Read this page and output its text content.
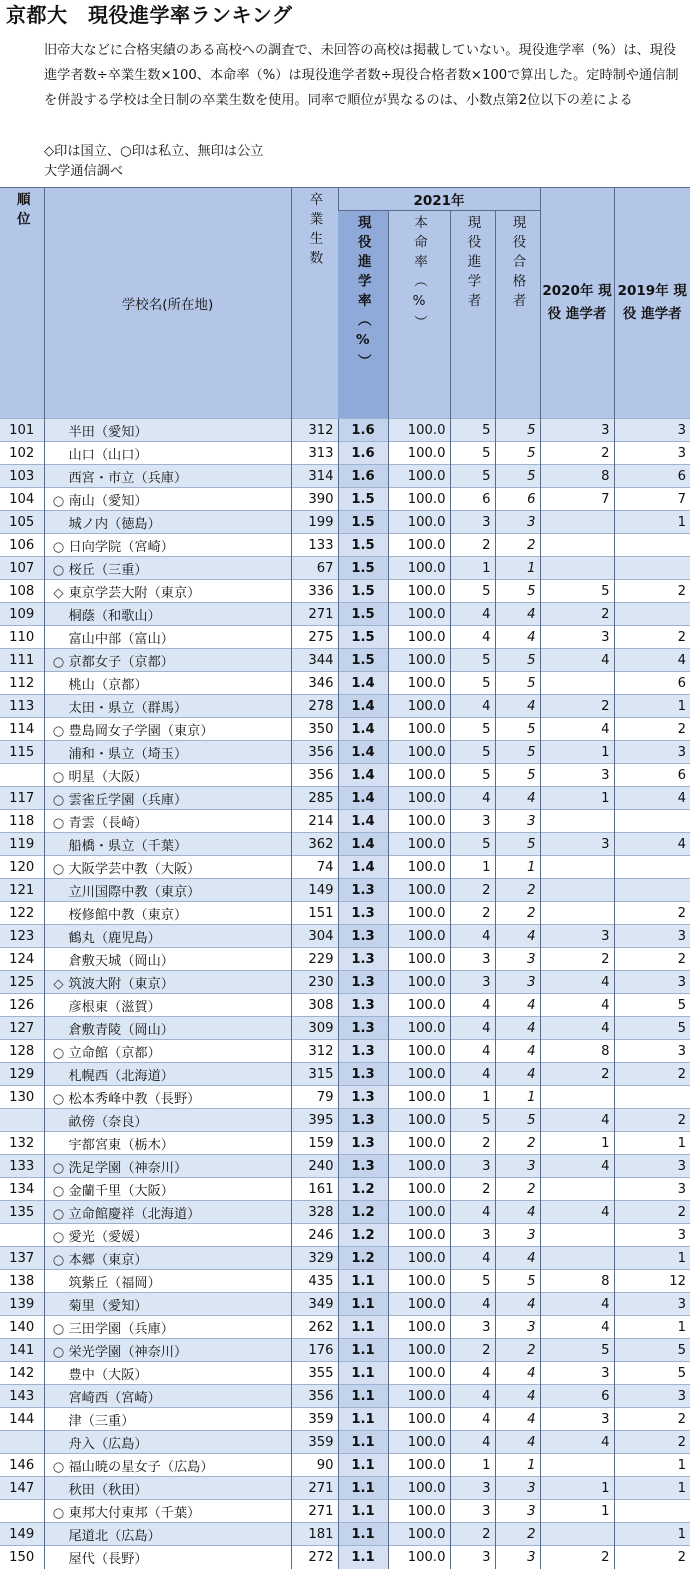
京都大　現役進学率ランキング

旧帝大などに合格実績のある高校への調査で、未回答の高校は掲載していない。現役進学率（%）は、現役進学者数÷卒業生数×100、本命率（%）は現役進学者数÷現役合格者数×100で算出した。定時制や通信制を併設する学校は全日制の卒業生数を使用。同率で順位が異なるのは、小数点第2位以下の差による

◇印は国立、○印は私立、無印は公立
大学通信調べ
順位	学校名(所在地)	卒業生数	2021年				2020年 現役 進学者	2019年 現役 進学者

			現役進学率（%）	本命率（%）	現役進学者	現役合格者		

101	半田（愛知）	312	1.6	100.0	5	5	3	3
102	山口（山口）	313	1.6	100.0	5	5	2	3
103	西宮・市立（兵庫）	314	1.6	100.0	5	5	8	6
104	○ 南山（愛知）	390	1.5	100.0	6	6	7	7
105	城ノ内（徳島）	199	1.5	100.0	3	3		1
106	○ 日向学院（宮崎）	133	1.5	100.0	2	2		
107	○ 桜丘（三重）	67	1.5	100.0	1	1		
108	◇ 東京学芸大附（東京）	336	1.5	100.0	5	5	5	2
109	桐蔭（和歌山）	271	1.5	100.0	4	4	2	
110	富山中部（富山）	275	1.5	100.0	4	4	3	2
111	○ 京都女子（京都）	344	1.5	100.0	5	5	4	4
112	桃山（京都）	346	1.4	100.0	5	5		6
113	太田・県立（群馬）	278	1.4	100.0	4	4	2	1
114	○ 豊島岡女子学園（東京）	350	1.4	100.0	5	5	4	2
115	浦和・県立（埼玉）	356	1.4	100.0	5	5	1	3
	○ 明星（大阪）	356	1.4	100.0	5	5	3	6
117	○ 雲雀丘学園（兵庫）	285	1.4	100.0	4	4	1	4
118	○ 青雲（長崎）	214	1.4	100.0	3	3		
119	船橋・県立（千葉）	362	1.4	100.0	5	5	3	4
120	○ 大阪学芸中教（大阪）	74	1.4	100.0	1	1		
121	立川国際中教（東京）	149	1.3	100.0	2	2		
122	桜修館中教（東京）	151	1.3	100.0	2	2		2
123	鶴丸（鹿児島）	304	1.3	100.0	4	4	3	3
124	倉敷天城（岡山）	229	1.3	100.0	3	3	2	2
125	◇ 筑波大附（東京）	230	1.3	100.0	3	3	4	3
126	彦根東（滋賀）	308	1.3	100.0	4	4	4	5
127	倉敷青陵（岡山）	309	1.3	100.0	4	4	4	5
128	○ 立命館（京都）	312	1.3	100.0	4	4	8	3
129	札幌西（北海道）	315	1.3	100.0	4	4	2	2
130	○ 松本秀峰中教（長野）	79	1.3	100.0	1	1		
	畝傍（奈良）	395	1.3	100.0	5	5	4	2
132	宇都宮東（栃木）	159	1.3	100.0	2	2	1	1
133	○ 洗足学園（神奈川）	240	1.3	100.0	3	3	4	3
134	○ 金蘭千里（大阪）	161	1.2	100.0	2	2		3
135	○ 立命館慶祥（北海道）	328	1.2	100.0	4	4	4	2
	○ 愛光（愛媛）	246	1.2	100.0	3	3		3
137	○ 本郷（東京）	329	1.2	100.0	4	4		1
138	筑紫丘（福岡）	435	1.1	100.0	5	5	8	12
139	菊里（愛知）	349	1.1	100.0	4	4	4	3
140	○ 三田学園（兵庫）	262	1.1	100.0	3	3	4	1
141	○ 栄光学園（神奈川）	176	1.1	100.0	2	2	5	5
142	豊中（大阪）	355	1.1	100.0	4	4	3	5
143	宮崎西（宮崎）	356	1.1	100.0	4	4	6	3
144	津（三重）	359	1.1	100.0	4	4	3	2
	舟入（広島）	359	1.1	100.0	4	4	4	2
146	○ 福山暁の星女子（広島）	90	1.1	100.0	1	1		1
147	秋田（秋田）	271	1.1	100.0	3	3	1	1
	○ 東邦大付東邦（千葉）	271	1.1	100.0	3	3	1	
149	尾道北（広島）	181	1.1	100.0	2	2		1
150	屋代（長野）	272	1.1	100.0	3	3	2	2
